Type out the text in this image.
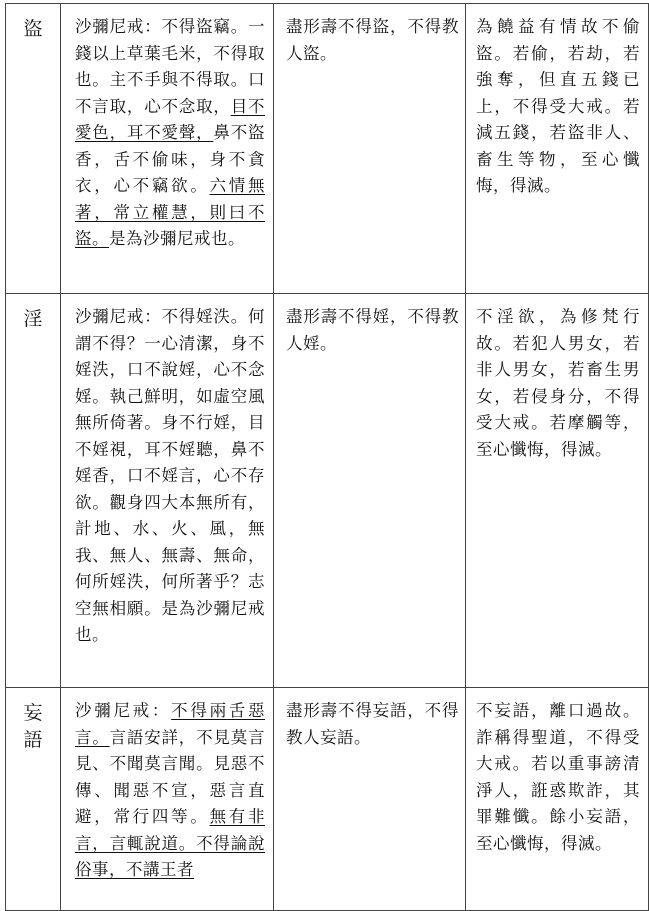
盜	沙彌尼戒：不得盜竊。一錢以上草葉毛米，不得取也。主不手與不得取。口不言取，心不念取，目不愛色，耳不愛聲，鼻不盜香，舌不偷味，身不貪衣，心不竊欲。六情無著，常立權慧，則曰不盜。是為沙彌尼戒也。	盡形壽不得盜，不得教人盜。	為饒益有情故不偷盜。若偷，若劫，若強奪，但直五錢已上，不得受大戒。若減五錢，若盜非人、畜生等物，至心懺悔，得滅。

淫	沙彌尼戒：不得婬泆。何謂不得？一心清潔，身不婬泆，口不說婬，心不念婬。執己鮮明，如虛空風無所倚著。身不行婬，目不婬視，耳不婬聽，鼻不婬香，口不婬言，心不存欲。觀身四大本無所有，計地、水、火、風，無我、無人、無壽、無命，何所婬泆，何所著乎？志空無相願。是為沙彌尼戒也。	盡形壽不得婬，不得教人婬。	不淫欲，為修梵行故。若犯人男女，若非人男女，若畜生男女，若侵身分，不得受大戒。若摩觸等，至心懺悔，得滅。

妄
語	沙彌尼戒：不得兩舌惡言。言語安詳，不見莫言見、不聞莫言聞。見惡不傳、聞惡不宣，惡言直避，常行四等。無有非言，言輒說道。不得論說俗事，不講王者	盡形壽不得妄語，不得教人妄語。	不妄語，離口過故。詐稱得聖道，不得受大戒。若以重事謗清淨人，誑惑欺詐，其罪難懺。餘小妄語，至心懺悔，得滅。
